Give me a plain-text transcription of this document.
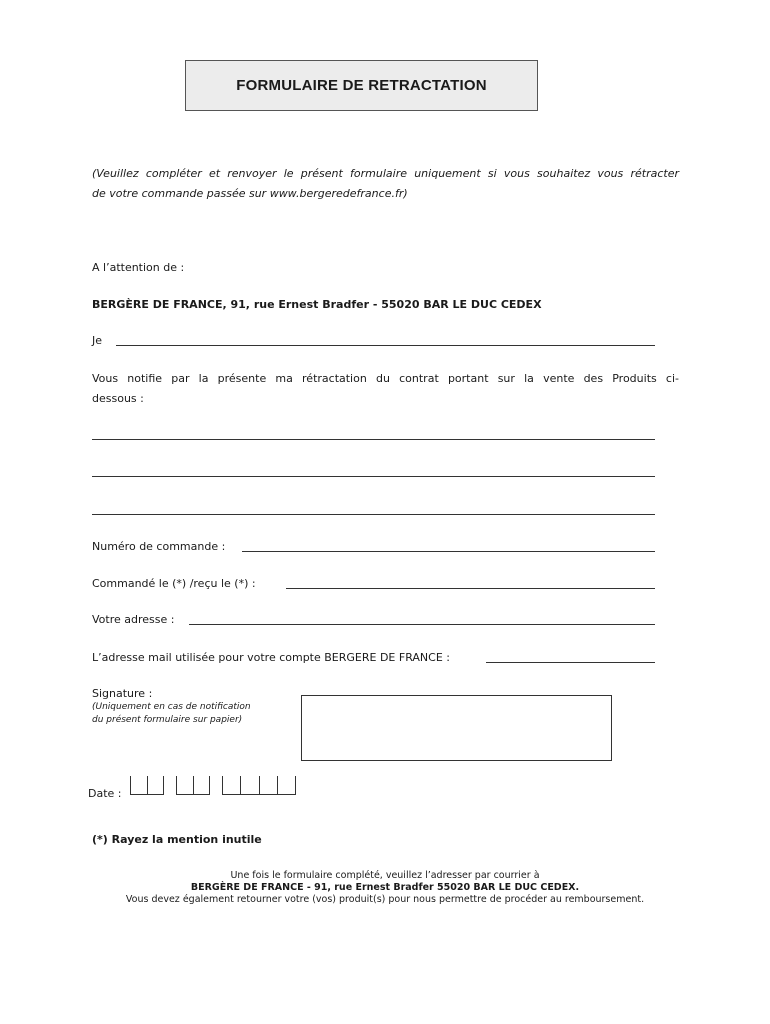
FORMULAIRE DE RETRACTATION
(Veuillez compléter et renvoyer le présent formulaire uniquement si vous souhaitez vous rétracter
de votre commande passée sur www.bergeredefrance.fr)
A l’attention de :
BERGÈRE DE FRANCE, 91, rue Ernest Bradfer - 55020 BAR LE DUC CEDEX
Je
Vous notifie par la présente ma rétractation du contrat portant sur la vente des Produits ci-
dessous :
Numéro de commande :
Commandé le (*) /reçu le (*) :
Votre adresse :
L’adresse mail utilisée pour votre compte BERGERE DE FRANCE :
Signature :
(Uniquement en cas de notification
du présent formulaire sur papier)
Date :
(*) Rayez la mention inutile
Une fois le formulaire complété, veuillez l’adresser par courrier à
BERGÈRE DE FRANCE - 91, rue Ernest Bradfer 55020 BAR LE DUC CEDEX.
Vous devez également retourner votre (vos) produit(s) pour nous permettre de procéder au remboursement.
